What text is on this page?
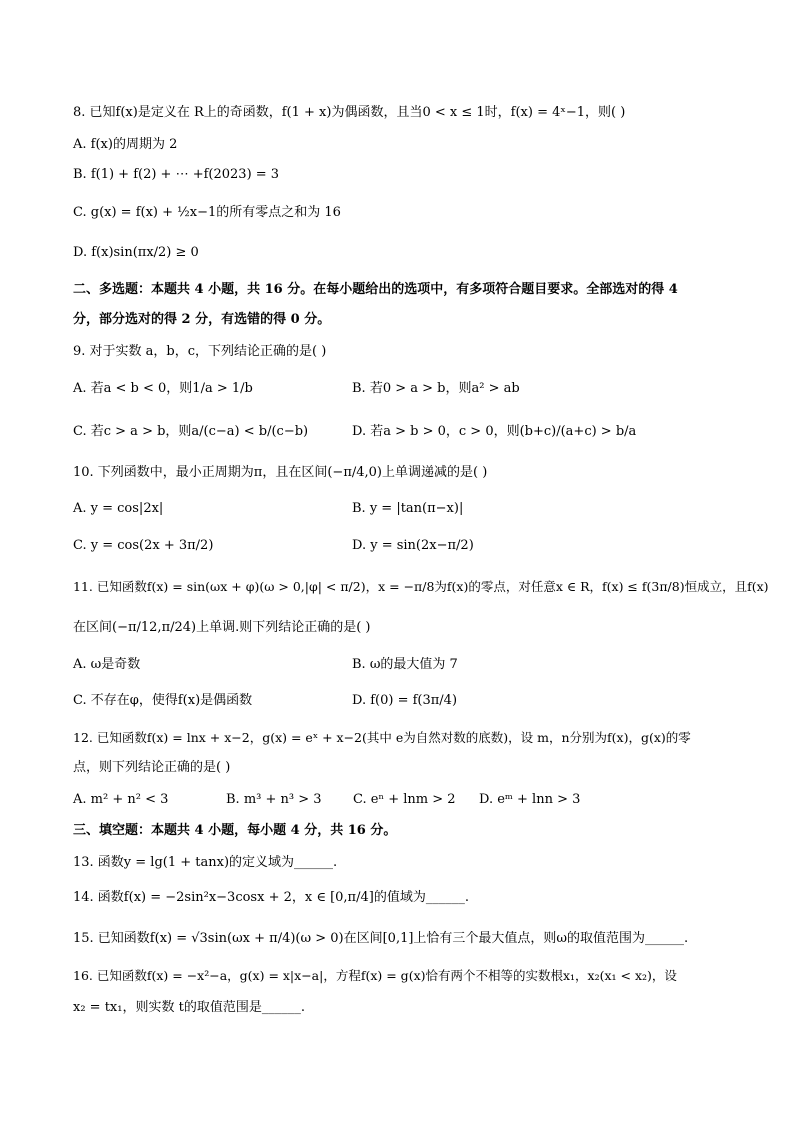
8. 已知f(x)是定义在 R上的奇函数，f(1 + x)为偶函数，且当0 < x ≤ 1时，f(x) = 4ˣ−1，则( )
A. f(x)的周期为 2
B. f(1) + f(2) + ⋯ +f(2023) = 3
C. g(x) = f(x) + ½x−1的所有零点之和为 16
D. f(x)sin(πx/2) ≥ 0
二、多选题：本题共 4 小题，共 16 分。在每小题给出的选项中，有多项符合题目要求。全部选对的得 4
分，部分选对的得 2 分，有选错的得 0 分。
9. 对于实数 a，b，c，下列结论正确的是( )
A. 若a < b < 0，则1/a > 1/b	B. 若0 > a > b，则a² > ab
C. 若c > a > b，则a/(c−a) < b/(c−b)	D. 若a > b > 0，c > 0，则(b+c)/(a+c) > b/a
10. 下列函数中，最小正周期为π，且在区间(−π/4,0)上单调递减的是( )
A. y = cos|2x|	B. y = |tan(π−x)|
C. y = cos(2x + 3π/2)	D. y = sin(2x−π/2)
11. 已知函数f(x) = sin(ωx + φ)(ω > 0,|φ| < π/2)，x = −π/8为f(x)的零点，对任意x ∈ R，f(x) ≤ f(3π/8)恒成立，且f(x)
在区间(−π/12,π/24)上单调.则下列结论正确的是( )
A. ω是奇数	B. ω的最大值为 7
C. 不存在φ，使得f(x)是偶函数	D. f(0) = f(3π/4)
12. 已知函数f(x) = lnx + x−2，g(x) = eˣ + x−2(其中 e为自然对数的底数)，设 m，n分别为f(x)，g(x)的零
点，则下列结论正确的是( )
A. m² + n² < 3	B. m³ + n³ > 3 C. eⁿ + lnm > 2 D. eᵐ + lnn > 3
三、填空题：本题共 4 小题，每小题 4 分，共 16 分。
13. 函数y = lg(1 + tanx)的定义域为______.
14. 函数f(x) = −2sin²x−3cosx + 2，x ∈ [0,π/4]的值域为______.
15. 已知函数f(x) = √3sin(ωx + π/4)(ω > 0)在区间[0,1]上恰有三个最大值点，则ω的取值范围为______.
16. 已知函数f(x) = −x²−a，g(x) = x|x−a|，方程f(x) = g(x)恰有两个不相等的实数根x₁，x₂(x₁ < x₂)，设
x₂ = tx₁，则实数 t的取值范围是______.
